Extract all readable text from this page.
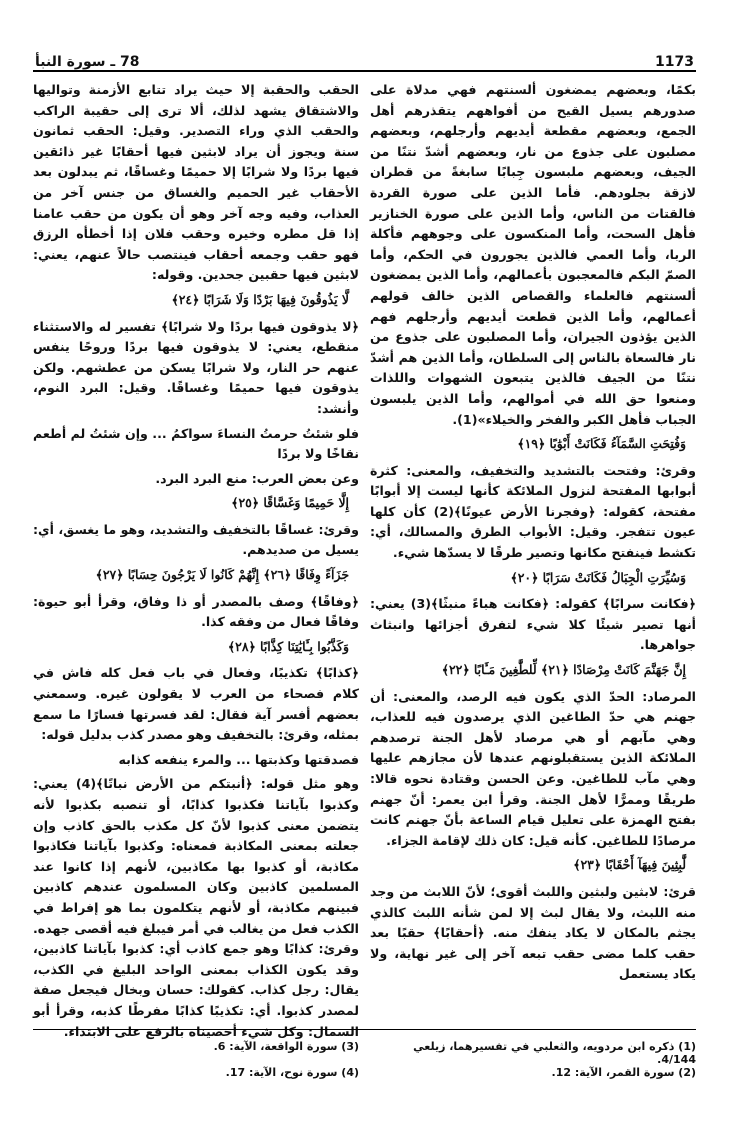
1173
78 ـ سورة النبأ

بكمًا، وبعضهم يمضغون ألسنتهم فهي مدلاة على صدورهم يسيل القيح من أفواههم يتقذرهم أهل الجمع، وبعضهم مقطعة أيديهم وأرجلهم، وبعضهم مصلبون على جذوع من نار، وبعضهم أشدّ نتنًا من الجيف، وبعضهم ملبسون جِبابًا سابغةً من قطران لازقة بجلودهم. فأما الذين على صورة القردة فالقتات من الناس، وأما الذين على صورة الخنازير فأهل السحت، وأما المنكسون على وجوههم فأكلة الربا، وأما العمي فالذين يجورون في الحكم، وأما الصمّ البكم فالمعجبون بأعمالهم، وأما الذين يمضغون ألسنتهم فالعلماء والقصاص الذين خالف قولهم أعمالهم، وأما الذين قطعت أيديهم وأرجلهم فهم الذين يؤذون الجيران، وأما المصلبون على جذوع من نار فالسعاة بالناس إلى السلطان، وأما الذين هم أشدّ نتنًا من الجيف فالذين يتبعون الشهوات واللذات ومنعوا حق الله في أموالهم، وأما الذين يلبسون الجباب فأهل الكبر والفخر والخيلاء»(1).

وَفُتِحَتِ السَّمَآءُ فَكَانَتْ أَبْوَٰبًا ﴿١٩﴾

وقرئ: وفتحت بالتشديد والتخفيف، والمعنى: كثرة أبوابها المفتحة لنزول الملائكة كأنها ليست إلا أبوابًا مفتحة، كقوله: ﴿وفجرنا الأرض عيونًا﴾(2) كأن كلها عيون تتفجر. وقيل: الأبواب الطرق والمسالك، أي: تكشط فينفتح مكانها وتصير طرقًا لا يسدّها شيء.

وَسُيِّرَتِ الْجِبَالُ فَكَانَتْ سَرَابًا ﴿٢٠﴾

﴿فكانت سرابًا﴾ كقوله: ﴿فكانت هباءً منبثًا﴾(3) يعني: أنها تصير شيئًا كلا شيء لتفرق أجزائها وانبثاث جواهرها.

إِنَّ جَهَنَّمَ كَانَتْ مِرْصَادًا ﴿٢١﴾ لِّلطَّٰغِينَ مَـَٔابًا ﴿٢٢﴾

المرصاد: الحدّ الذي يكون فيه الرصد، والمعنى: أن جهنم هي حدّ الطاغين الذي يرصدون فيه للعذاب، وهي مآبهم أو هي مرصاد لأهل الجنة ترصدهم الملائكة الذين يستقبلونهم عندها لأن مجازهم عليها وهي مآب للطاغين. وعن الحسن وقتادة نحوه قالا: طريقًا وممرًّا لأهل الجنة. وقرأ ابن يعمر: أنّ جهنم بفتح الهمزة على تعليل قيام الساعة بأنّ جهنم كانت مرصادًا للطاغين. كأنه قيل: كان ذلك لإقامة الجزاء.

لَّٰبِثِينَ فِيهَآ أَحْقَابًا ﴿٢٣﴾

قرئ: لابثين ولبثين واللبث أقوى؛ لأنّ اللابث من وجد منه اللبث، ولا يقال لبث إلا لمن شأنه اللبث كالذي يجثم بالمكان لا يكاد ينفك منه. ﴿أحقابًا﴾ حقبًا بعد حقب كلما مضى حقب تبعه آخر إلى غير نهاية، ولا يكاد يستعمل

الحقب والحقبة إلا حيث يراد تتابع الأزمنة وتواليها والاشتقاق يشهد لذلك، ألا ترى إلى حقيبة الراكب والحقب الذي وراء التصدير. وقيل: الحقب ثمانون سنة ويجوز أن يراد لابثين فيها أحقابًا غير ذائقين فيها بردًا ولا شرابًا إلا حميمًا وغساقًا، ثم يبدلون بعد الأحقاب غير الحميم والغساق من جنس آخر من العذاب، وفيه وجه آخر وهو أن يكون من حقب عامنا إذا قل مطره وخيره وحقب فلان إذا أخطأه الرزق فهو حقب وجمعه أحقاب فينتصب حالاً عنهم، يعني: لابثين فيها حقبين جحدين. وقوله:

لَّا يَذُوقُونَ فِيهَا بَرْدًا وَلَا شَرَابًا ﴿٢٤﴾

﴿لا يذوقون فيها بردًا ولا شرابًا﴾ تفسير له والاستثناء منقطع، يعني: لا يذوقون فيها بردًا وروحًا ينفس عنهم حر النار، ولا شرابًا يسكن من عطشهم. ولكن يذوقون فيها حميمًا وغساقًا. وقيل: البرد النوم، وأنشد:

فلو شئتُ حرمتُ النساءَ سواكمُ ... وإن شئتُ لم أطعم نقاخًا ولا بردًا

وعن بعض العرب: منع البرد البرد.

إِلَّا حَمِيمًا وَغَسَّاقًا ﴿٢٥﴾

وقرئ: غساقًا بالتخفيف والتشديد، وهو ما يغسق، أي: يسيل من صديدهم.

جَزَآءً وِفَاقًا ﴿٢٦﴾ إِنَّهُمْ كَانُوا لَا يَرْجُونَ حِسَابًا ﴿٢٧﴾

﴿وفاقًا﴾ وصف بالمصدر أو ذا وفاق، وقرأ أبو حيوة: وفاقًا فعال من وفقه كذا.

وَكَذَّبُوا بِـَٔايَٰتِنَا كِذَّابًا ﴿٢٨﴾

﴿كذابًا﴾ تكذيبًا، وفعال في باب فعل كله فاش في كلام فصحاء من العرب لا يقولون غيره. وسمعني بعضهم أفسر آية فقال: لقد فسرتها فسارًا ما سمع بمثله، وقرئ: بالتخفيف وهو مصدر كذب بدليل قوله:

فصدقتها وكذبتها ... والمرء ينفعه كذابه

وهو مثل قوله: ﴿أنبتكم من الأرض نباتًا﴾(4) يعني: وكذبوا بآياتنا فكذبوا كذابًا، أو تنصبه بكذبوا لأنه يتضمن معنى كذبوا لأنّ كل مكذب بالحق كاذب وإن جعلته بمعنى المكاذبة فمعناه: وكذبوا بآياتنا فكاذبوا مكاذبة، أو كذبوا بها مكاذبين، لأنهم إذا كانوا عند المسلمين كاذبين وكان المسلمون عندهم كاذبين فبينهم مكاذبة، أو لأنهم يتكلمون بما هو إفراط في الكذب فعل من يغالب في أمر فيبلغ فيه أقصى جهده. وقرئ: كذابًا وهو جمع كاذب أي: كذبوا بآياتنا كاذبين، وقد يكون الكذاب بمعنى الواحد البليغ في الكذب، يقال: رجل كذاب. كقولك: حسان وبخال فيجعل صفة لمصدر كذبوا. أي: تكذيبًا كذابًا مفرطًا كذبه، وقرأ أبو السمال: وكل شيء أحصيناه بالرفع على الابتداء.

(1) ذكره ابن مردويه، والثعلبي في تفسيرهما، زيلعي 4/144.
(2) سورة القمر، الآية: 12.
(3) سورة الواقعة، الآية: 6.
(4) سورة نوح، الآية: 17.
